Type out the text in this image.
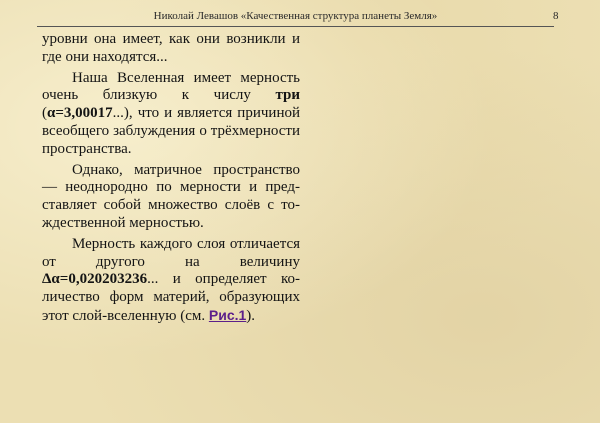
Николай Левашов «Качественная структура планеты Земля»	8

уровни она имеет, как они возникли и где они находятся...

Наша Вселенная имеет мерность очень близкую к числу три (α=3,00017...), что и является причиной всеобщего заблуждения о трёхмерности пространства.

Однако, матричное пространство — неоднородно по мерности и представляет собой множество слоёв с тождественной мерностью.

Мерность каждого слоя отличается от другого на величину Δα=0,020203236... и определяет количество форм материй, образующих этот слой-вселенную (см. Рис.1).
